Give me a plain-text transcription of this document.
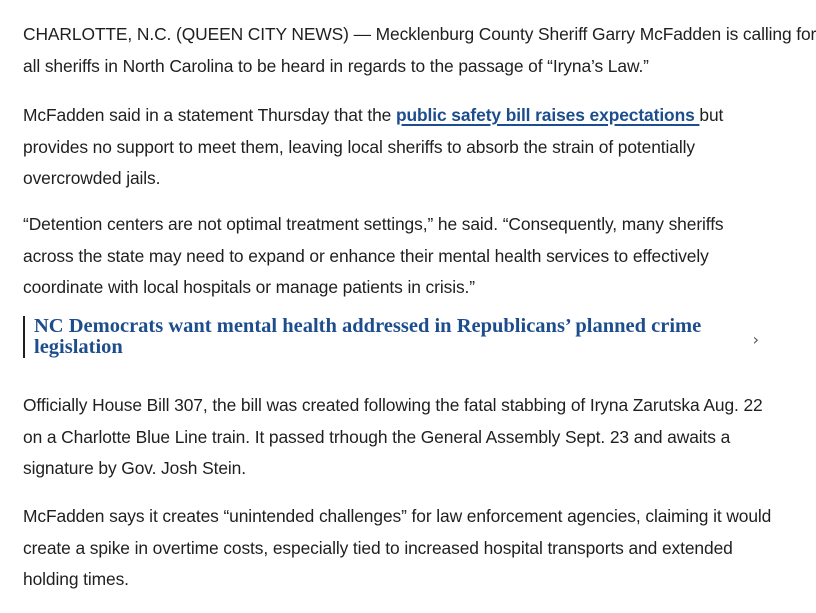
CHARLOTTE, N.C. (QUEEN CITY NEWS) — Mecklenburg County Sheriff Garry McFadden is calling for
all sheriffs in North Carolina to be heard in regards to the passage of “Iryna’s Law.”

McFadden said in a statement Thursday that the public safety bill raises expectations but
provides no support to meet them, leaving local sheriffs to absorb the strain of potentially
overcrowded jails.

“Detention centers are not optimal treatment settings,” he said. “Consequently, many sheriffs
across the state may need to expand or enhance their mental health services to effectively
coordinate with local hospitals or manage patients in crisis.”

NC Democrats want mental health addressed in Republicans’ planned crime
legislation

Officially House Bill 307, the bill was created following the fatal stabbing of Iryna Zarutska Aug. 22
on a Charlotte Blue Line train. It passed trhough the General Assembly Sept. 23 and awaits a
signature by Gov. Josh Stein.

McFadden says it creates “unintended challenges” for law enforcement agencies, claiming it would
create a spike in overtime costs, especially tied to increased hospital transports and extended
holding times.

›
